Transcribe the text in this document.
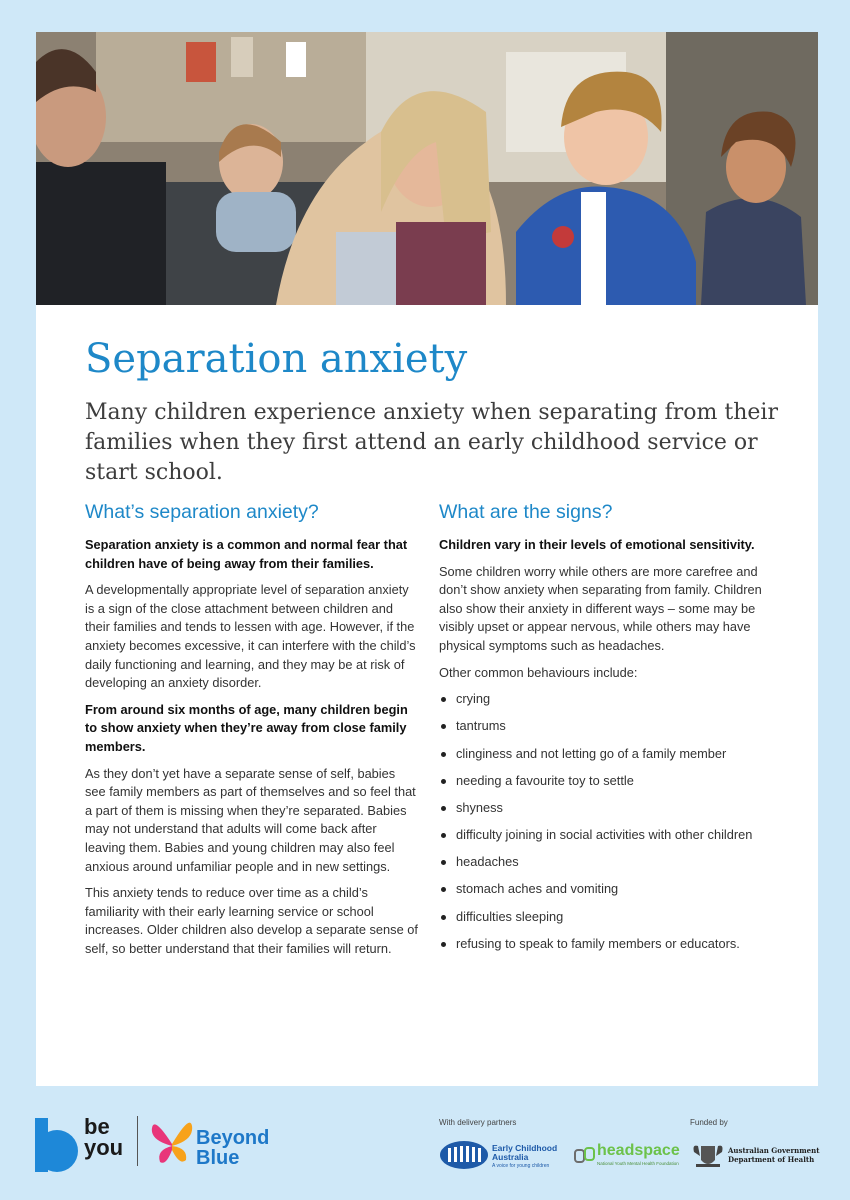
Separation anxiety

Many children experience anxiety when separating from their families when they first attend an early childhood service or start school.

What’s separation anxiety?

Separation anxiety is a common and normal fear that children have of being away from their families.

A developmentally appropriate level of separation anxiety is a sign of the close attachment between children and their families and tends to lessen with age. However, if the anxiety becomes excessive, it can interfere with the child’s daily functioning and learning, and they may be at risk of developing an anxiety disorder.

From around six months of age, many children begin to show anxiety when they’re away from close family members.

As they don’t yet have a separate sense of self, babies see family members as part of themselves and so feel that a part of them is missing when they’re separated. Babies may not understand that adults will come back after leaving them. Babies and young children may also feel anxious around unfamiliar people and in new settings.

This anxiety tends to reduce over time as a child’s familiarity with their early learning service or school increases. Older children also develop a separate sense of self, so better understand that their families will return.

What are the signs?

Children vary in their levels of emotional sensitivity.

Some children worry while others are more carefree and don’t show anxiety when separating from family. Children also show their anxiety in different ways – some may be visibly upset or appear nervous, while others may have physical symptoms such as headaches.

Other common behaviours include:

crying
tantrums
clinginess and not letting go of a family member
needing a favourite toy to settle
shyness
difficulty joining in social activities with other children
headaches
stomach aches and vomiting
difficulties sleeping
refusing to speak to family members or educators.
be
you	Beyond
Blue
With delivery partners	Funded by
Early Childhood
Australia
A voice for young children
headspace
National Youth Mental Health Foundation
Australian Government
Department of Health
